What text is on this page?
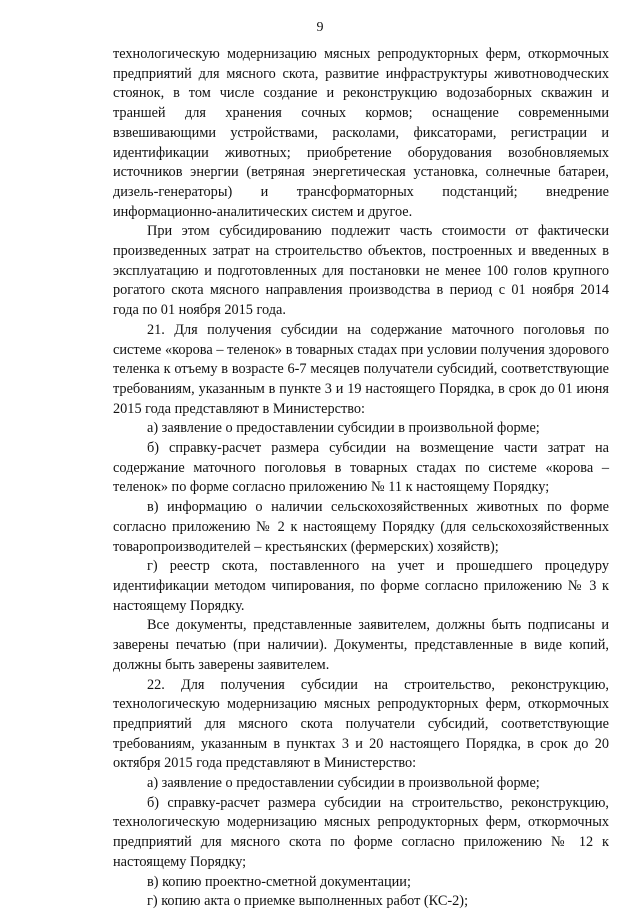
9

технологическую модернизацию мясных репродукторных ферм, откормочных предприятий для мясного скота, развитие инфраструктуры животноводческих стоянок, в том числе создание и реконструкцию водозаборных скважин и траншей для хранения сочных кормов; оснащение современными взвешивающими устройствами, расколами, фиксаторами, регистрации и идентификации животных; приобретение оборудования возобновляемых источников энергии (ветряная энергетическая установка, солнечные батареи, дизель-генераторы) и трансформаторных подстанций; внедрение информационно-аналитических систем и другое.

При этом субсидированию подлежит часть стоимости от фактически произведенных затрат на строительство объектов, построенных и введенных в эксплуатацию и подготовленных для постановки не менее 100 голов крупного рогатого скота мясного направления производства в период с 01 ноября 2014 года по 01 ноября 2015 года.

21. Для получения субсидии на содержание маточного поголовья по системе «корова – теленок» в товарных стадах при условии получения здорового теленка к отъему в возрасте 6-7 месяцев получатели субсидий, соответствующие требованиям, указанным в пункте 3 и 19 настоящего Порядка, в срок до 01 июня 2015 года представляют в Министерство:

а) заявление о предоставлении субсидии в произвольной форме;

б) справку-расчет размера субсидии на возмещение части затрат на содержание маточного поголовья в товарных стадах по системе «корова – теленок» по форме согласно приложению № 11 к настоящему Порядку;

в) информацию о наличии сельскохозяйственных животных по форме согласно приложению № 2 к настоящему Порядку (для сельскохозяйственных товаропроизводителей – крестьянских (фермерских) хозяйств);

г) реестр скота, поставленного на учет и прошедшего процедуру идентификации методом чипирования, по форме согласно приложению № 3 к настоящему Порядку.

Все документы, представленные заявителем, должны быть подписаны и заверены печатью (при наличии). Документы, представленные в виде копий, должны быть заверены заявителем.

22. Для получения субсидии на строительство, реконструкцию, технологическую модернизацию мясных репродукторных ферм, откормочных предприятий для мясного скота получатели субсидий, соответствующие требованиям, указанным в пунктах 3 и 20 настоящего Порядка, в срок до 20 октября 2015 года представляют в Министерство:

а) заявление о предоставлении субсидии в произвольной форме;

б) справку-расчет размера субсидии на строительство, реконструкцию, технологическую модернизацию мясных репродукторных ферм, откормочных предприятий для мясного скота по форме согласно приложению № 12 к настоящему Порядку;

в) копию проектно-сметной документации;

г) копию акта о приемке выполненных работ (КС-2);
